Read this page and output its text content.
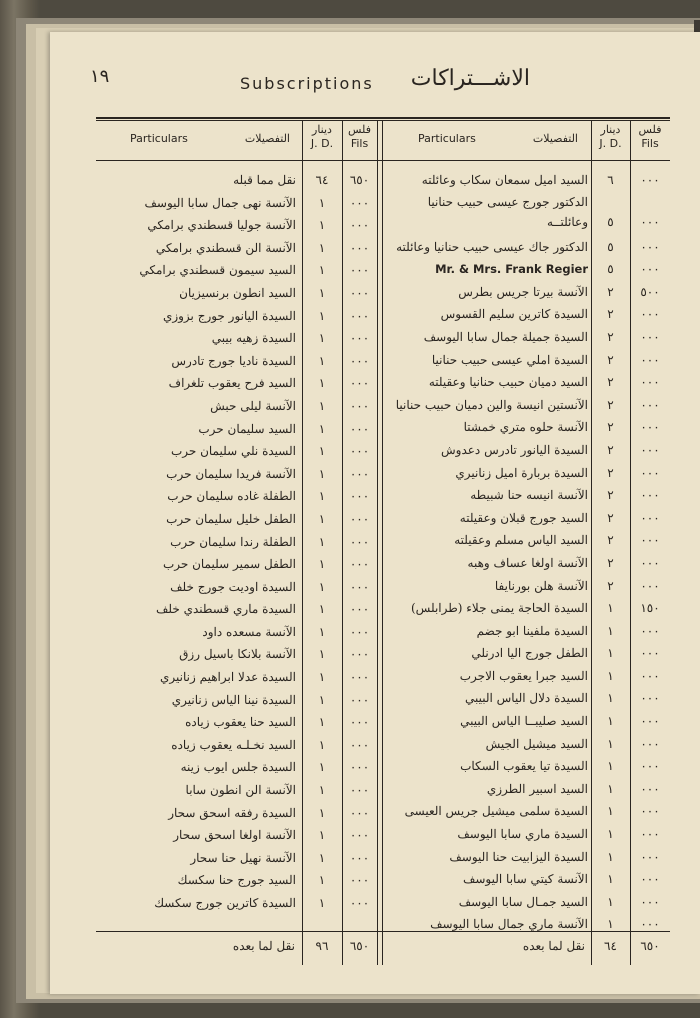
١٩	Subscriptions	الاشـــتراكات
Particulars	التفصيلات
دينار
J. D.
فلس
Fils	Particulars	التفصيلات
دينار
J. D.
فلس
Fils
السيد اميل سمعان سكاب وعائلته	٦	٠٠٠
الدكتور جورج عيسى حبيب حنانيا وعائلتــه	٥	٠٠٠
الدكتور جاك عيسى حبيب حنانيا وعائلته	٥	٠٠٠
Mr. & Mrs. Frank Regier	٥	٠٠٠
الآنسة بيرتا جريس بطرس	٢	٥٠٠
السيدة كاترين سليم القسوس	٢	٠٠٠
السيدة جميلة جمال سابا اليوسف	٢	٠٠٠
السيدة املي عيسى حبيب حنانيا	٢	٠٠٠
السيد دميان حبيب حنانيا وعقيلته	٢	٠٠٠
الآنستين انيسة والين دميان حبيب حنانيا	٢	٠٠٠
الآنسة حلوه متري خمشتا	٢	٠٠٠
السيدة اليانور تادرس دعدوش	٢	٠٠٠
السيدة بربارة اميل زنانيري	٢	٠٠٠
الآنسة انيسه حنا شبيطه	٢	٠٠٠
السيد جورج قبلان وعقيلته	٢	٠٠٠
السيد الياس مسلم وعقيلته	٢	٠٠٠
الآنسة اولغا عساف وهبه	٢	٠٠٠
الآنسة هلن بورنايفا	٢	٠٠٠
السيدة الحاجة يمنى جلاء (طرابلس)	١	١٥٠
السيدة ملفينا ابو جضم	١	٠٠٠
الطفل جورج اليا ادرنلي	١	٠٠٠
السيد جبرا يعقوب الاجرب	١	٠٠٠
السيدة دلال الياس البيبي	١	٠٠٠
السيد صليبــا الياس البيبي	١	٠٠٠
السيد ميشيل الجيش	١	٠٠٠
السيدة تيا يعقوب السكاب	١	٠٠٠
السيد اسبير الطرزي	١	٠٠٠
السيدة سلمى ميشيل جريس العيسى	١	٠٠٠
السيدة ماري سابا اليوسف	١	٠٠٠
السيدة اليزابيت حنا اليوسف	١	٠٠٠
الآنسة كيتي سابا اليوسف	١	٠٠٠
السيد جمـال سابا اليوسف	١	٠٠٠
الآنسة ماري جمال سابا اليوسف	١	٠٠٠
نقل مما قبله	٦٤	٦٥٠
الآنسة نهى جمال سابا اليوسف	١	٠٠٠
الآنسة جوليا قسطندي برامكي	١	٠٠٠
الآنسة الن قسطندي برامكي	١	٠٠٠
السيد سيمون قسطندي برامكي	١	٠٠٠
السيد انطون برنسيزيان	١	٠٠٠
السيدة اليانور جورج بزوزي	١	٠٠٠
السيدة زهيه بيبي	١	٠٠٠
السيدة ناديا جورج تادرس	١	٠٠٠
السيد فرح يعقوب تلغراف	١	٠٠٠
الآنسة ليلى حبش	١	٠٠٠
السيد سليمان حرب	١	٠٠٠
السيدة نلي سليمان حرب	١	٠٠٠
الآنسة فريدا سليمان حرب	١	٠٠٠
الطفلة غاده سليمان حرب	١	٠٠٠
الطفل خليل سليمان حرب	١	٠٠٠
الطفلة رندا سليمان حرب	١	٠٠٠
الطفل سمير سليمان حرب	١	٠٠٠
السيدة اوديت جورج خلف	١	٠٠٠
السيدة ماري قسطندي خلف	١	٠٠٠
الآنسة مسعده داود	١	٠٠٠
الآنسة بلانكا باسيل رزق	١	٠٠٠
السيدة عدلا ابراهيم زنانيري	١	٠٠٠
السيدة نينا الياس زنانيري	١	٠٠٠
السيد حنا يعقوب زياده	١	٠٠٠
السيد نخـلـه يعقوب زياده	١	٠٠٠
السيدة جلس ايوب زينه	١	٠٠٠
الآنسة الن انطون سابا	١	٠٠٠
السيدة رفقه اسحق سحار	١	٠٠٠
الآنسة اولغا اسحق سحار	١	٠٠٠
الآنسة نهيل حنا سحار	١	٠٠٠
السيد جورج حنا سكسك	١	٠٠٠
السيدة كاترين جورج سكسك	١	٠٠٠
نقل لما بعده	٦٤	٦٥٠
نقل لما بعده	٩٦	٦٥٠
